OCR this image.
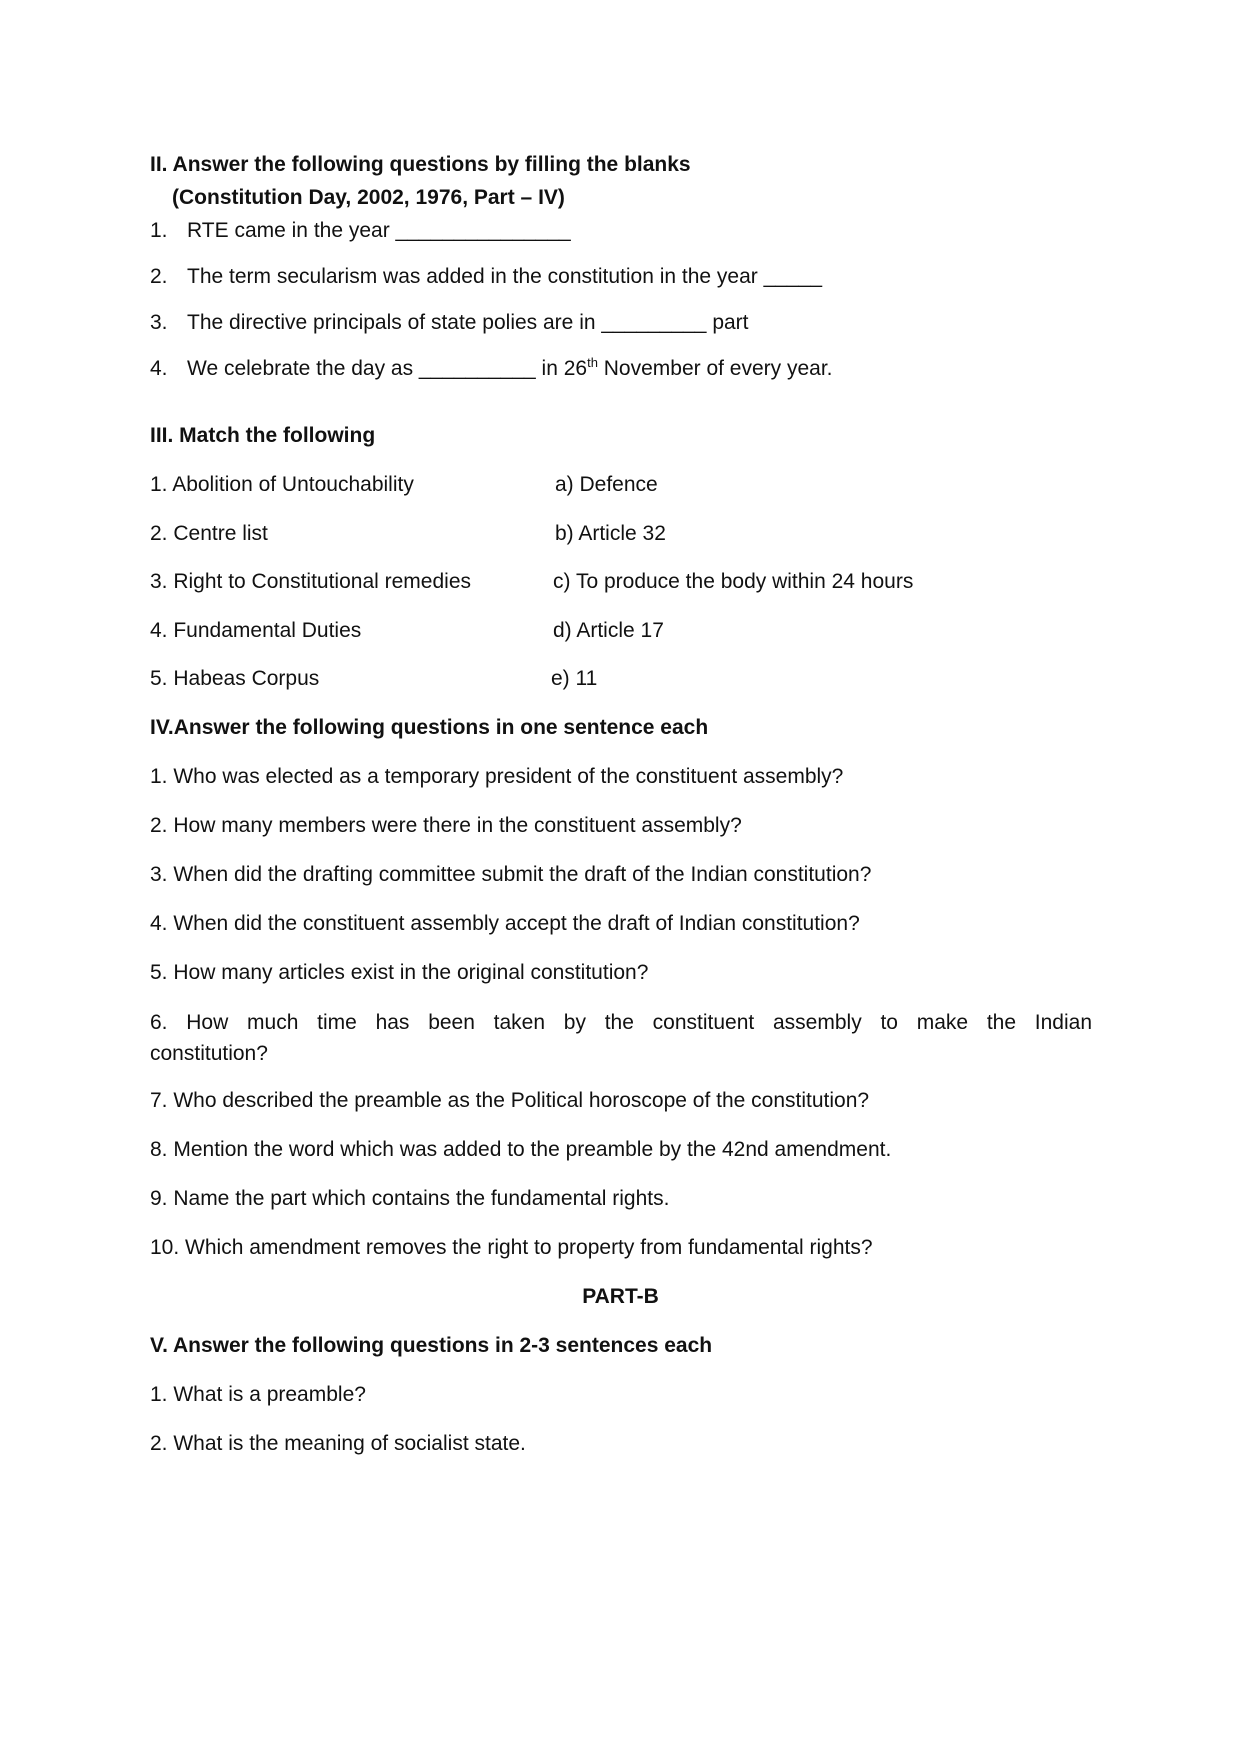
II. Answer the following questions by filling the blanks
(Constitution Day, 2002, 1976, Part – IV)
1. RTE came in the year _______________
2. The term secularism was added in the constitution in the year _____
3. The directive principals of state polies are in _________ part
4. We celebrate the day as __________ in 26th November of every year.
III. Match the following
1. Abolition of Untouchability	a) Defence
2. Centre list	b) Article 32
3. Right to Constitutional remedies	c) To produce the body within 24 hours
4. Fundamental Duties	d) Article 17
5. Habeas Corpus	e) 11
IV.Answer the following questions in one sentence each
1. Who was elected as a temporary president of the constituent assembly?
2. How many members were there in the constituent assembly?
3. When did the drafting committee submit the draft of the Indian constitution?
4. When did the constituent assembly accept the draft of Indian constitution?
5. How many articles exist in the original constitution?
6. How much time has been taken by the constituent assembly to make the Indian
constitution?
7. Who described the preamble as the Political horoscope of the constitution?
8. Mention the word which was added to the preamble by the 42nd amendment.
9. Name the part which contains the fundamental rights.
10. Which amendment removes the right to property from fundamental rights?
PART-B
V. Answer the following questions in 2-3 sentences each
1. What is a preamble?
2. What is the meaning of socialist state.
